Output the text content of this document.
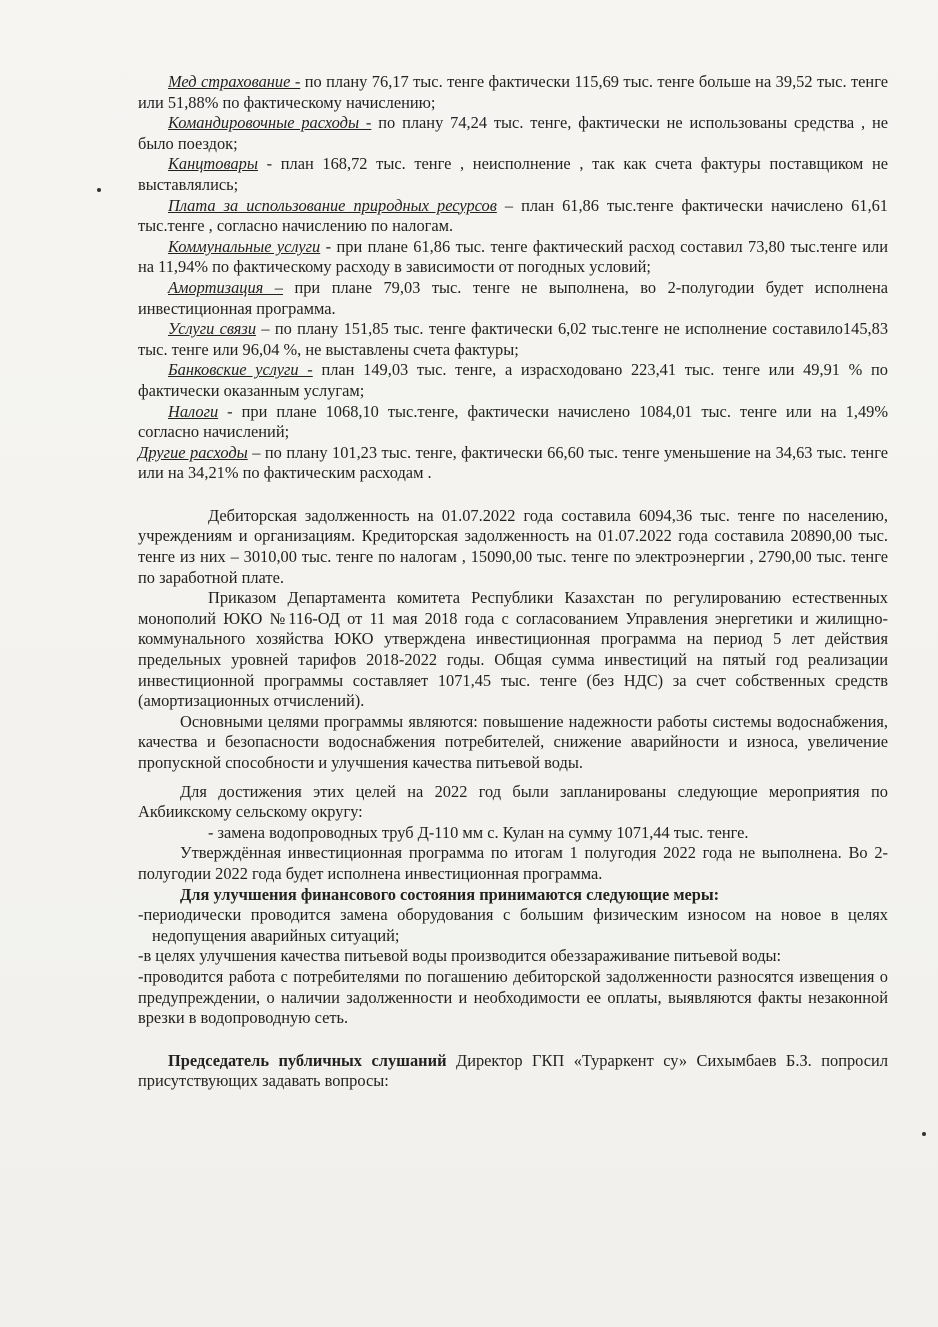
Мед страхование - по плану 76,17 тыс. тенге фактически 115,69 тыс. тенге больше на 39,52 тыс. тенге или 51,88% по фактическому начислению;

Командировочные расходы - по плану 74,24 тыс. тенге, фактически не использованы средства , не было поездок;

Канцтовары - план 168,72 тыс. тенге , неисполнение , так как счета фактуры поставщиком не выставлялись;

Плата за использование природных ресурсов – план 61,86 тыс.тенге фактически начислено 61,61 тыс.тенге , согласно начислению по налогам.

Коммунальные услуги - при плане 61,86 тыс. тенге фактический расход составил 73,80 тыс.тенге или на 11,94% по фактическому расходу в зависимости от погодных условий;

Амортизация – при плане 79,03 тыс. тенге не выполнена, во 2-полугодии будет исполнена инвестиционная программа.

Услуги связи – по плану 151,85 тыс. тенге фактически 6,02 тыс.тенге не исполнение составило145,83 тыс. тенге или 96,04 %, не выставлены счета фактуры;

Банковские услуги - план 149,03 тыс. тенге, а израсходовано 223,41 тыс. тенге или 49,91 % по фактически оказанным услугам;

Налоги - при плане 1068,10 тыс.тенге, фактически начислено 1084,01 тыс. тенге или на 1,49% согласно начислений;

Другие расходы – по плану 101,23 тыс. тенге, фактически 66,60 тыс. тенге уменьшение на 34,63 тыс. тенге или на 34,21% по фактическим расходам .

Дебиторская задолженность на 01.07.2022 года составила 6094,36 тыс. тенге по населению, учреждениям и организациям. Кредиторская задолженность на 01.07.2022 года составила 20890,00 тыс. тенге из них – 3010,00 тыс. тенге по налогам , 15090,00 тыс. тенге по электроэнергии , 2790,00 тыс. тенге по заработной плате.

Приказом Департамента комитета Республики Казахстан по регулированию естественных монополий ЮКО №116-ОД от 11 мая 2018 года с согласованием Управления энергетики и жилищно-коммунального хозяйства ЮКО утверждена инвестиционная программа на период 5 лет действия предельных уровней тарифов 2018-2022 годы. Общая сумма инвестиций на пятый год реализации инвестиционной программы составляет 1071,45 тыс. тенге (без НДС) за счет собственных средств (амортизационных отчислений).

Основными целями программы являются: повышение надежности работы системы водоснабжения, качества и безопасности водоснабжения потребителей, снижение аварийности и износа, увеличение пропускной способности и улучшения качества питьевой воды.

Для достижения этих целей на 2022 год были запланированы следующие мероприятия по Акбиикскому сельскому округу:

- замена водопроводных труб Д-110 мм с. Кулан на сумму 1071,44 тыс. тенге.

Утверждённая инвестиционная программа по итогам 1 полугодия 2022 года не выполнена. Во 2-полугодии 2022 года будет исполнена инвестиционная программа.

Для улучшения финансового состояния принимаются следующие меры:

-периодически проводится замена оборудования с большим физическим износом на новое в целях недопущения аварийных ситуаций;

-в целях улучшения качества питьевой воды производится обеззараживание питьевой воды:

-проводится работа с потребителями по погашению дебиторской задолженности разносятся извещения о предупреждении, о наличии задолженности и необходимости ее оплаты, выявляются факты незаконной врезки в водопроводную сеть.

Председатель публичных слушаний Директор ГКП «Тураркент су» Сихымбаев Б.З. попросил присутствующих задавать вопросы:
